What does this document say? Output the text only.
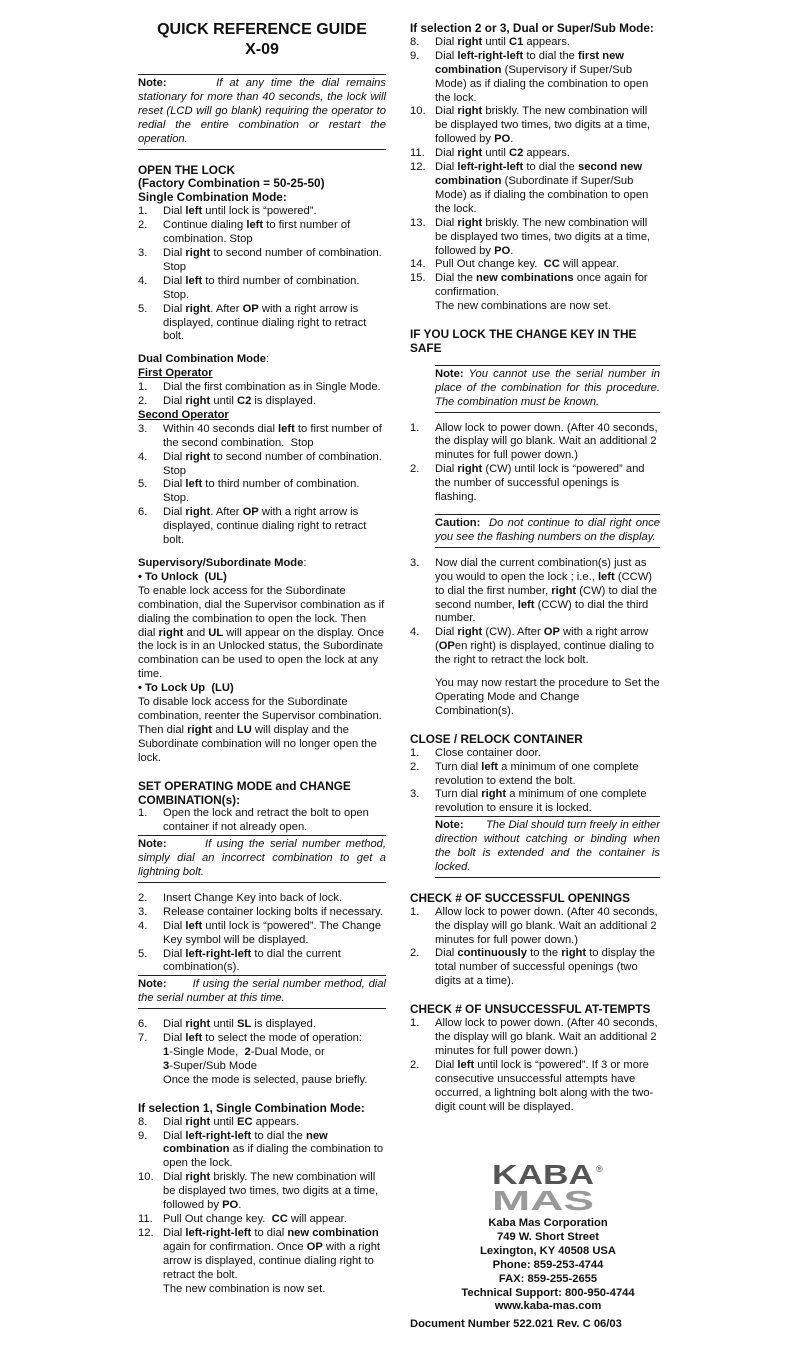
QUICK REFERENCE GUIDE
X-09
Note:       If at any time the dial remains stationary for more than 40 seconds, the lock will reset (LCD will go blank) requiring the operator to redial the entire combination or restart the operation.
OPEN THE LOCK
(Factory Combination = 50-25-50)
Single Combination Mode:
1.	Dial left until lock is “powered”.
2.	Continue dialing left to first number of combination. Stop
3.	Dial right to second number of combination. Stop
4.	Dial left to third number of combination. Stop.
5.	Dial right. After OP with a right arrow is displayed, continue dialing right to retract bolt.
Dual Combination Mode:
First Operator
1.	Dial the first combination as in Single Mode.
2.	Dial right until C2 is displayed.
Second Operator
3.	Within 40 seconds dial left to first number of the second combination.  Stop
4.	Dial right to second number of combination. Stop
5.	Dial left to third number of combination. Stop.
6.	Dial right. After OP with a right arrow is displayed, continue dialing right to retract bolt.
Supervisory/Subordinate Mode:
• To Unlock  (UL)
To enable lock access for the Subordinate combination, dial the Supervisor combination as if dialing the combination to open the lock. Then dial right and UL will appear on the display. Once the lock is in an Unlocked status, the Subordinate combination can be used to open the lock at any time.
• To Lock Up  (LU)
To disable lock access for the Subordinate combination, reenter the Supervisor combination. Then dial right and LU will display and the Subordinate combination will no longer open the lock.
SET OPERATING MODE and CHANGE COMBINATION(s):
1.	Open the lock and retract the bolt to open container if not already open.
Note:       If using the serial number method, simply dial an incorrect combination to get a lightning bolt.
2.	Insert Change Key into back of lock.
3.	Release container locking bolts if necessary.
4.	Dial left until lock is “powered”. The Change Key symbol will be displayed.
5.	Dial left-right-left to dial the current combination(s).
Note:       If using the serial number method, dial the serial number at this time.
6.	Dial right until SL is displayed.
7.	Dial left to select the mode of operation:
1-Single Mode,  2-Dual Mode, or
3-Super/Sub Mode
Once the mode is selected, pause briefly.
If selection 1, Single Combination Mode:
8.	Dial right until EC appears.
9.	Dial left-right-left to dial the new combination as if dialing the combination to open the lock.
10. Dial right briskly. The new combination will be displayed two times, two digits at a time, followed by PO.
11. Pull Out change key.  CC will appear.
12. Dial left-right-left to dial new combination again for confirmation. Once OP with a right arrow is displayed, continue dialing right to retract the bolt.
The new combination is now set.
If selection 2 or 3, Dual or Super/Sub Mode:
8.	Dial right until C1 appears.
9.	Dial left-right-left to dial the first new combination (Supervisory if Super/Sub Mode) as if dialing the combination to open the lock.
10. Dial right briskly. The new combination will be displayed two times, two digits at a time, followed by PO.
11. Dial right until C2 appears.
12. Dial left-right-left to dial the second new combination (Subordinate if Super/Sub Mode) as if dialing the combination to open the lock.
13. Dial right briskly. The new combination will be displayed two times, two digits at a time, followed by PO.
14. Pull Out change key.  CC will appear.
15. Dial the new combinations once again for confirmation.
The new combinations are now set.
IF YOU LOCK THE CHANGE KEY IN THE SAFE
Note: You cannot use the serial number in place of the combination for this procedure. The combination must be known.
1.	Allow lock to power down. (After 40 seconds, the display will go blank. Wait an additional 2 minutes for full power down.)
2.	Dial right (CW) until lock is “powered” and the number of successful openings is flashing.
Caution:  Do not continue to dial right once you see the flashing numbers on the display.
3.	Now dial the current combination(s) just as you would to open the lock ; i.e., left (CCW) to dial the first number, right (CW) to dial the second number, left (CCW) to dial the third number.
4.	Dial right (CW). After OP with a right arrow (OPen right) is displayed, continue dialing to the right to retract the lock bolt.
You may now restart the procedure to Set the Operating Mode and Change Combination(s).
CLOSE / RELOCK CONTAINER
1.	Close container door.
2.	Turn dial left a minimum of one complete revolution to extend the bolt.
3.	Turn dial right a minimum of one complete revolution to ensure it is locked.
Note:       The Dial should turn freely in either direction without catching or binding when the bolt is extended and the container is locked.
CHECK # OF SUCCESSFUL OPENINGS
1.	Allow lock to power down. (After 40 seconds, the display will go blank. Wait an additional 2 minutes for full power down.)
2.	Dial continuously to the right to display the total number of successful openings (two digits at a time).
CHECK # OF UNSUCCESSFUL AT-TEMPTS
1.	Allow lock to power down. (After 40 seconds, the display will go blank. Wait an additional 2 minutes for full power down.)
2.	Dial left until lock is “powered”. If 3 or more consecutive unsuccessful attempts have occurred, a lightning bolt along with the two-digit count will be displayed.
KABA ®
MAS
Kaba Mas Corporation
749 W. Short Street
Lexington, KY 40508 USA
Phone: 859-253-4744
FAX: 859-255-2655
Technical Support: 800-950-4744
www.kaba-mas.com
Document Number 522.021 Rev. C 06/03
